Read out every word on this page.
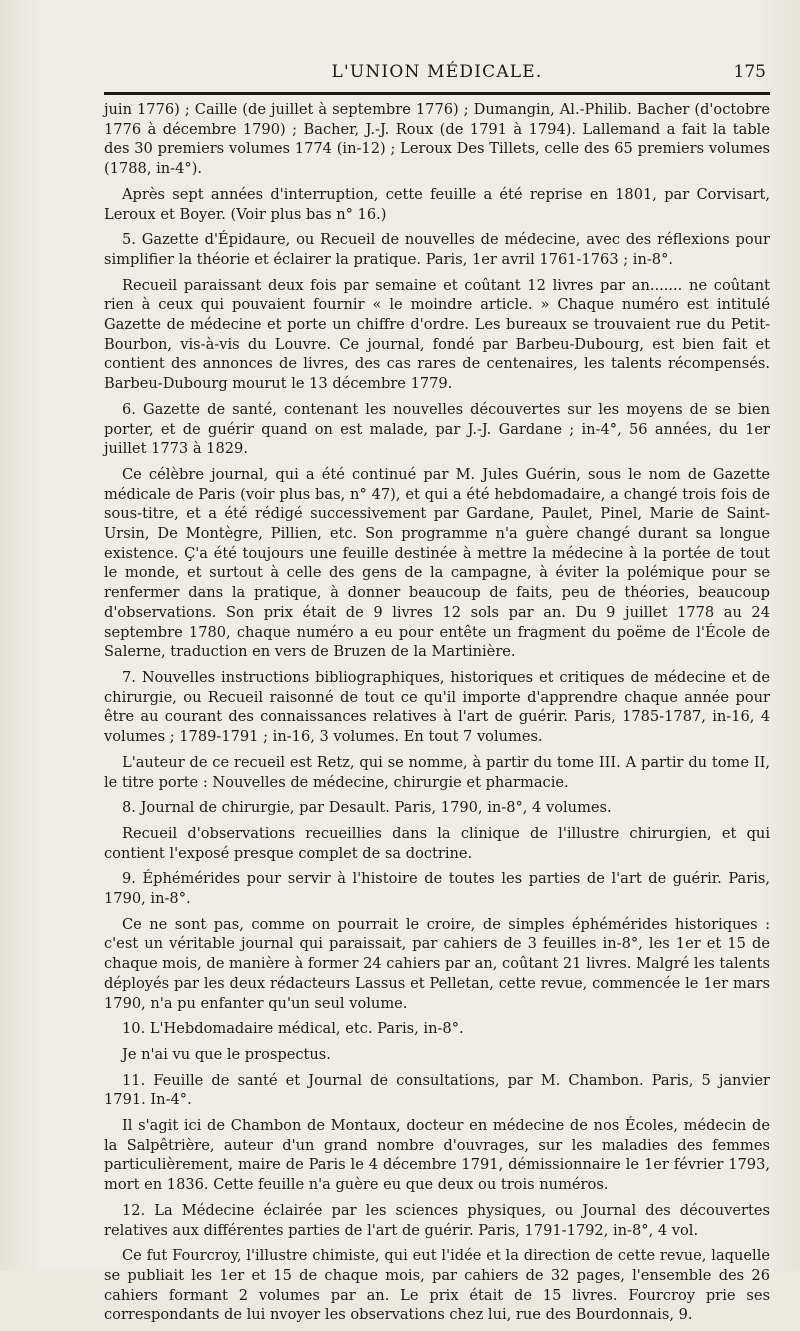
L'UNION MÉDICALE.	175

juin 1776) ; Caille (de juillet à septembre 1776) ; Dumangin, Al.-Philib. Bacher (d'octobre 1776 à décembre 1790) ; Bacher, J.-J. Roux (de 1791 à 1794). Lallemand a fait la table des 30 premiers volumes 1774 (in-12) ; Leroux Des Tillets, celle des 65 premiers volumes (1788, in-4°).

Après sept années d'interruption, cette feuille a été reprise en 1801, par Corvisart, Leroux et Boyer. (Voir plus bas n° 16.)

5. Gazette d'Épidaure, ou Recueil de nouvelles de médecine, avec des réflexions pour simplifier la théorie et éclairer la pratique. Paris, 1er avril 1761-1763 ; in-8°.

Recueil paraissant deux fois par semaine et coûtant 12 livres par an....... ne coûtant rien à ceux qui pouvaient fournir « le moindre article. » Chaque numéro est intitulé Gazette de médecine et porte un chiffre d'ordre. Les bureaux se trouvaient rue du Petit-Bourbon, vis-à-vis du Louvre. Ce journal, fondé par Barbeu-Dubourg, est bien fait et contient des annonces de livres, des cas rares de centenaires, les talents récompensés. Barbeu-Dubourg mourut le 13 décembre 1779.

6. Gazette de santé, contenant les nouvelles découvertes sur les moyens de se bien porter, et de guérir quand on est malade, par J.-J. Gardane ; in-4°, 56 années, du 1er juillet 1773 à 1829.

Ce célèbre journal, qui a été continué par M. Jules Guérin, sous le nom de Gazette médicale de Paris (voir plus bas, n° 47), et qui a été hebdomadaire, a changé trois fois de sous-titre, et a été rédigé successivement par Gardane, Paulet, Pinel, Marie de Saint-Ursin, De Montègre, Pillien, etc. Son programme n'a guère changé durant sa longue existence. Ç'a été toujours une feuille destinée à mettre la médecine à la portée de tout le monde, et surtout à celle des gens de la campagne, à éviter la polémique pour se renfermer dans la pratique, à donner beaucoup de faits, peu de théories, beaucoup d'observations. Son prix était de 9 livres 12 sols par an. Du 9 juillet 1778 au 24 septembre 1780, chaque numéro a eu pour entête un fragment du poëme de l'École de Salerne, traduction en vers de Bruzen de la Martinière.

7. Nouvelles instructions bibliographiques, historiques et critiques de médecine et de chirurgie, ou Recueil raisonné de tout ce qu'il importe d'apprendre chaque année pour être au courant des connaissances relatives à l'art de guérir. Paris, 1785-1787, in-16, 4 volumes ; 1789-1791 ; in-16, 3 volumes. En tout 7 volumes.

L'auteur de ce recueil est Retz, qui se nomme, à partir du tome III. A partir du tome II, le titre porte : Nouvelles de médecine, chirurgie et pharmacie.

8. Journal de chirurgie, par Desault. Paris, 1790, in-8°, 4 volumes.

Recueil d'observations recueillies dans la clinique de l'illustre chirurgien, et qui contient l'exposé presque complet de sa doctrine.

9. Éphémérides pour servir à l'histoire de toutes les parties de l'art de guérir. Paris, 1790, in-8°.

Ce ne sont pas, comme on pourrait le croire, de simples éphémérides historiques : c'est un véritable journal qui paraissait, par cahiers de 3 feuilles in-8°, les 1er et 15 de chaque mois, de manière à former 24 cahiers par an, coûtant 21 livres. Malgré les talents déployés par les deux rédacteurs Lassus et Pelletan, cette revue, commencée le 1er mars 1790, n'a pu enfanter qu'un seul volume.

10. L'Hebdomadaire médical, etc. Paris, in-8°.

Je n'ai vu que le prospectus.

11. Feuille de santé et Journal de consultations, par M. Chambon. Paris, 5 janvier 1791. In-4°.

Il s'agit ici de Chambon de Montaux, docteur en médecine de nos Écoles, médecin de la Salpêtrière, auteur d'un grand nombre d'ouvrages, sur les maladies des femmes particulièrement, maire de Paris le 4 décembre 1791, démissionnaire le 1er février 1793, mort en 1836. Cette feuille n'a guère eu que deux ou trois numéros.

12. La Médecine éclairée par les sciences physiques, ou Journal des découvertes relatives aux différentes parties de l'art de guérir. Paris, 1791-1792, in-8°, 4 vol.

Ce fut Fourcroy, l'illustre chimiste, qui eut l'idée et la direction de cette revue, laquelle se publiait les 1er et 15 de chaque mois, par cahiers de 32 pages, l'ensemble des 26 cahiers formant 2 volumes par an. Le prix était de 15 livres. Fourcroy prie ses correspondants de lui nvoyer les observations chez lui, rue des Bourdonnais, 9.
